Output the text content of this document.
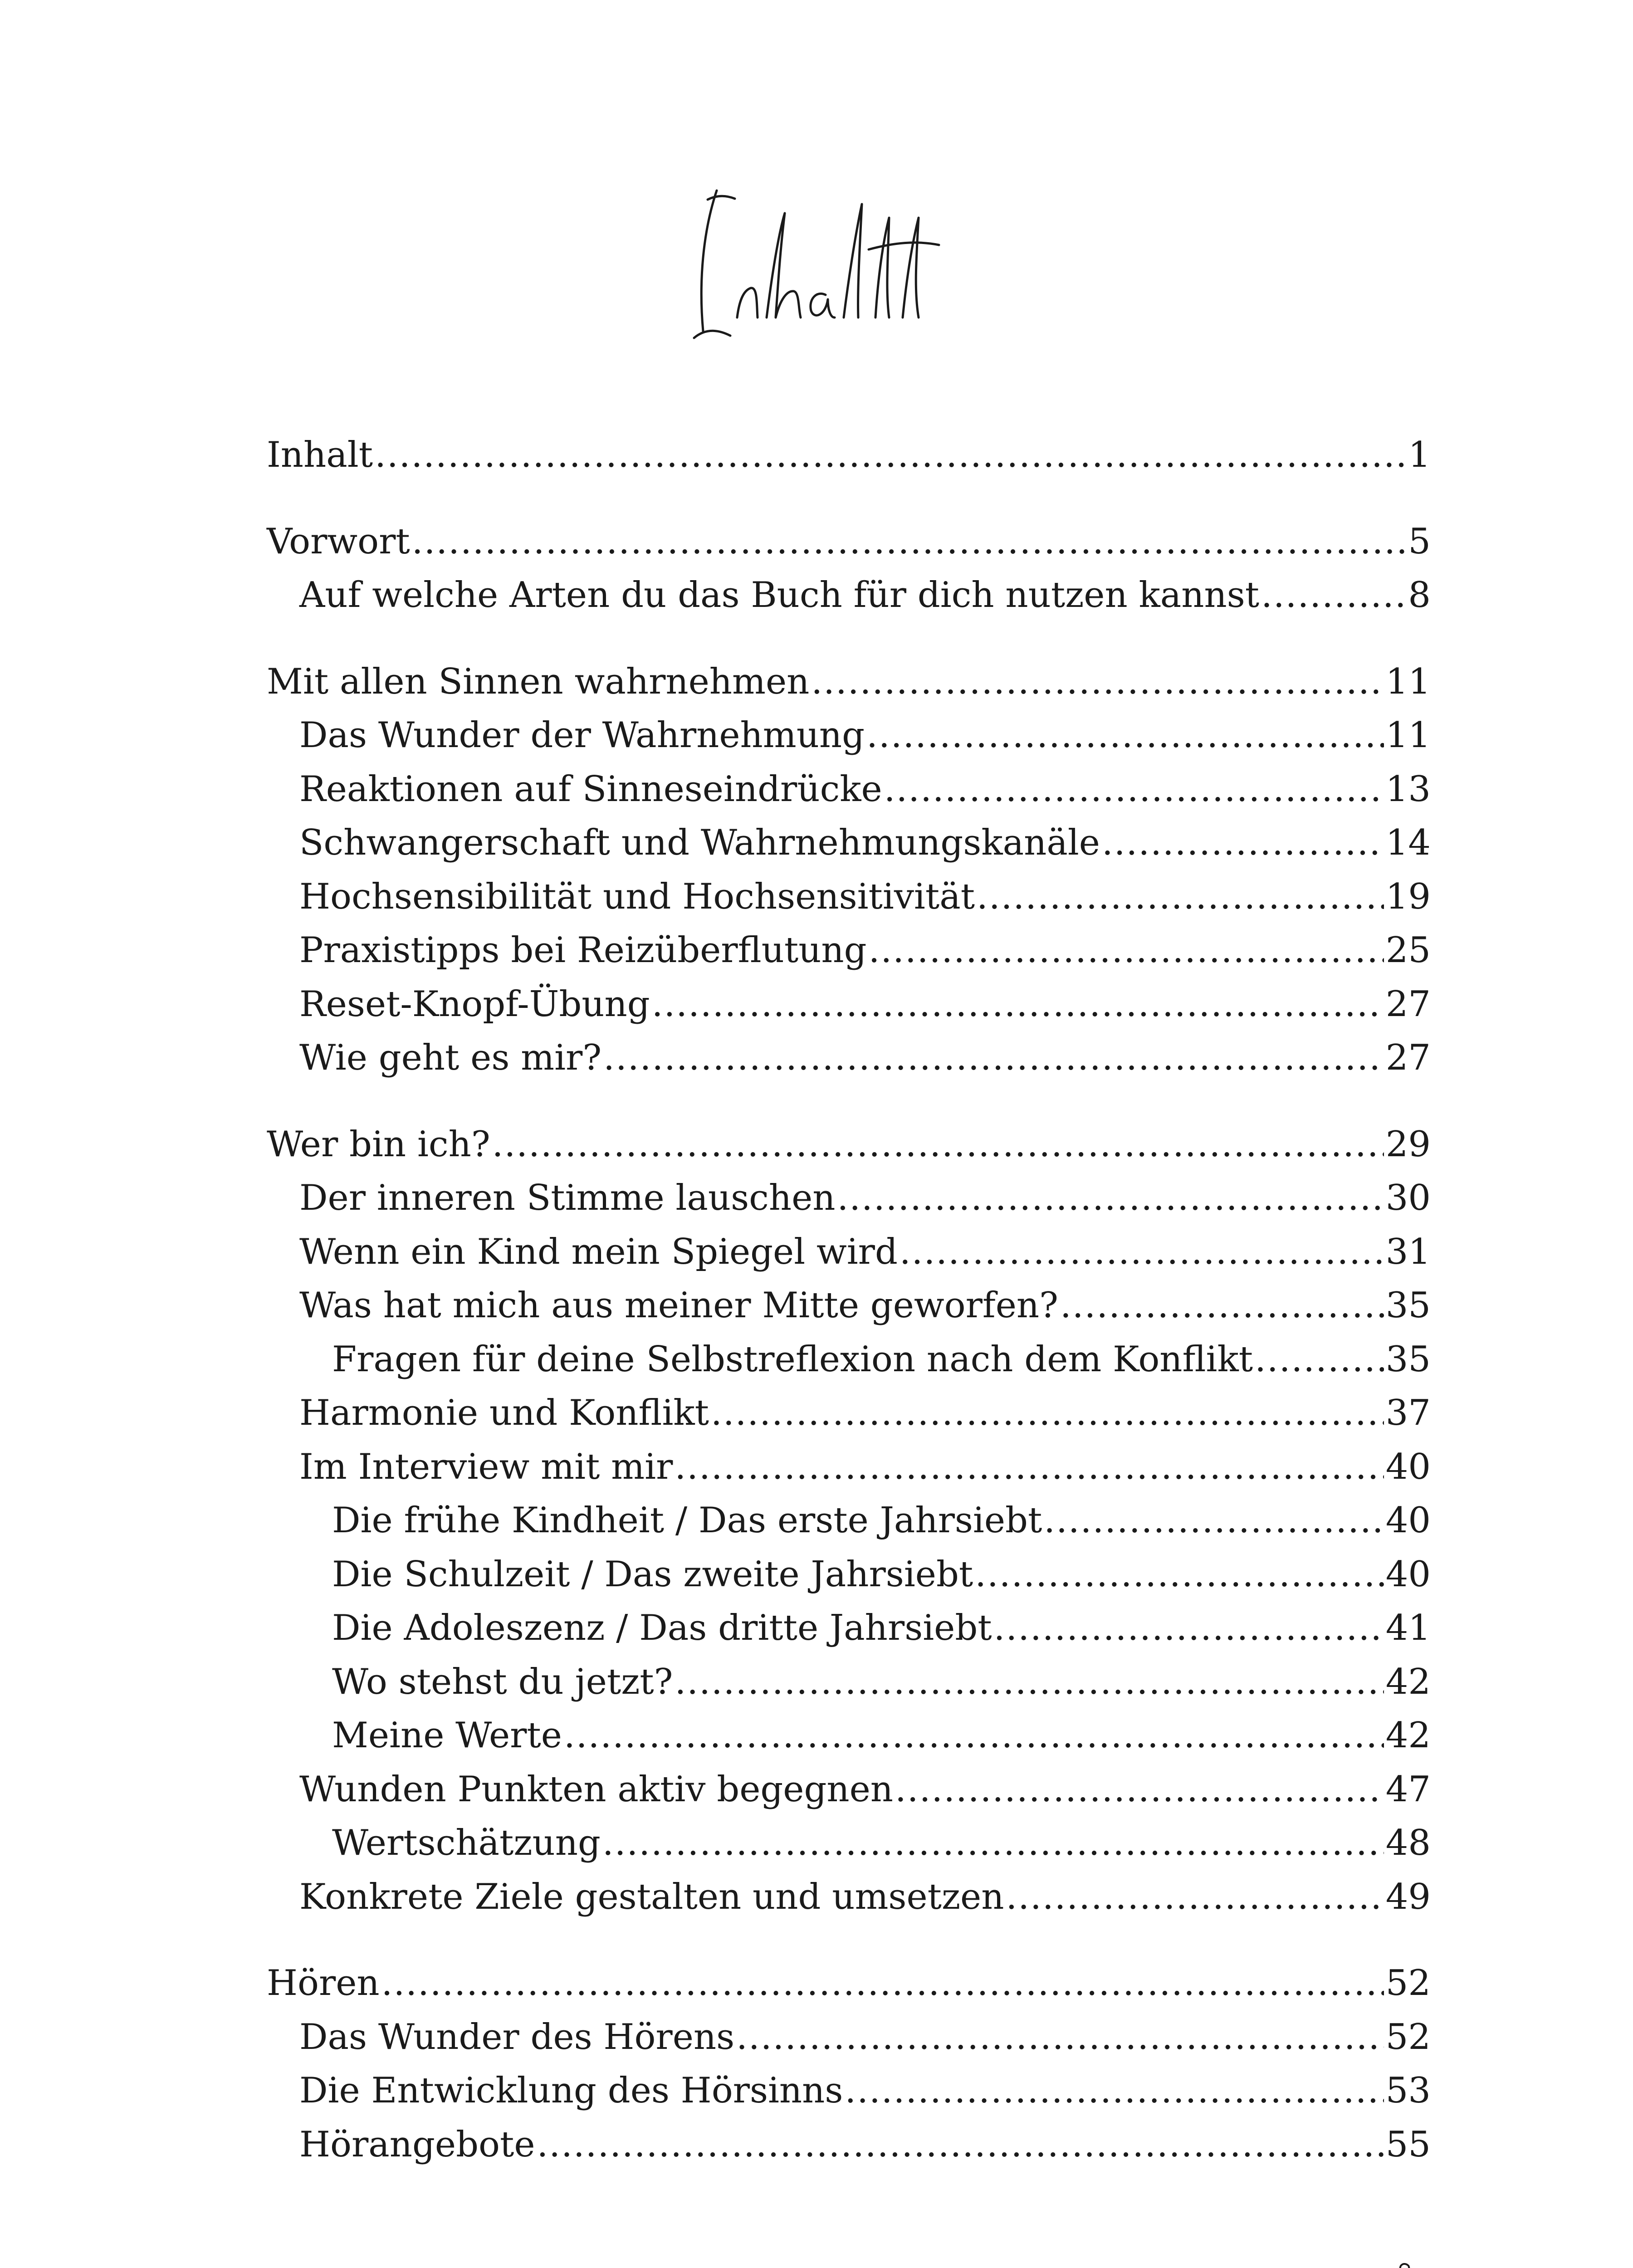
Inhalt .....	1
Vorwort .....	5
Auf welche Arten du das Buch für dich nutzen kannst .....	8
Mit allen Sinnen wahrnehmen .....	11
Das Wunder der Wahrnehmung .....	11
Reaktionen auf Sinneseindrücke .....	13
Schwangerschaft und Wahrnehmungskanäle .....	14
Hochsensibilität und Hochsensitivität .....	19
Praxistipps bei Reizüberflutung .....	25
Reset-Knopf-Übung .....	27
Wie geht es mir? .....	27
Wer bin ich? .....	29
Der inneren Stimme lauschen .....	30
Wenn ein Kind mein Spiegel wird .....	31
Was hat mich aus meiner Mitte geworfen? .....	35
Fragen für deine Selbstreflexion nach dem Konflikt .....	35
Harmonie und Konflikt .....	37
Im Interview mit mir .....	40
Die frühe Kindheit / Das erste Jahrsiebt .....	40
Die Schulzeit / Das zweite Jahrsiebt .....	40
Die Adoleszenz / Das dritte Jahrsiebt .....	41
Wo stehst du jetzt? .....	42
Meine Werte .....	42
Wunden Punkten aktiv begegnen .....	47
Wertschätzung .....	48
Konkrete Ziele gestalten und umsetzen .....	49
Hören .....	52
Das Wunder des Hörens .....	52
Die Entwicklung des Hörsinns .....	53
Hörangebote .....	55
